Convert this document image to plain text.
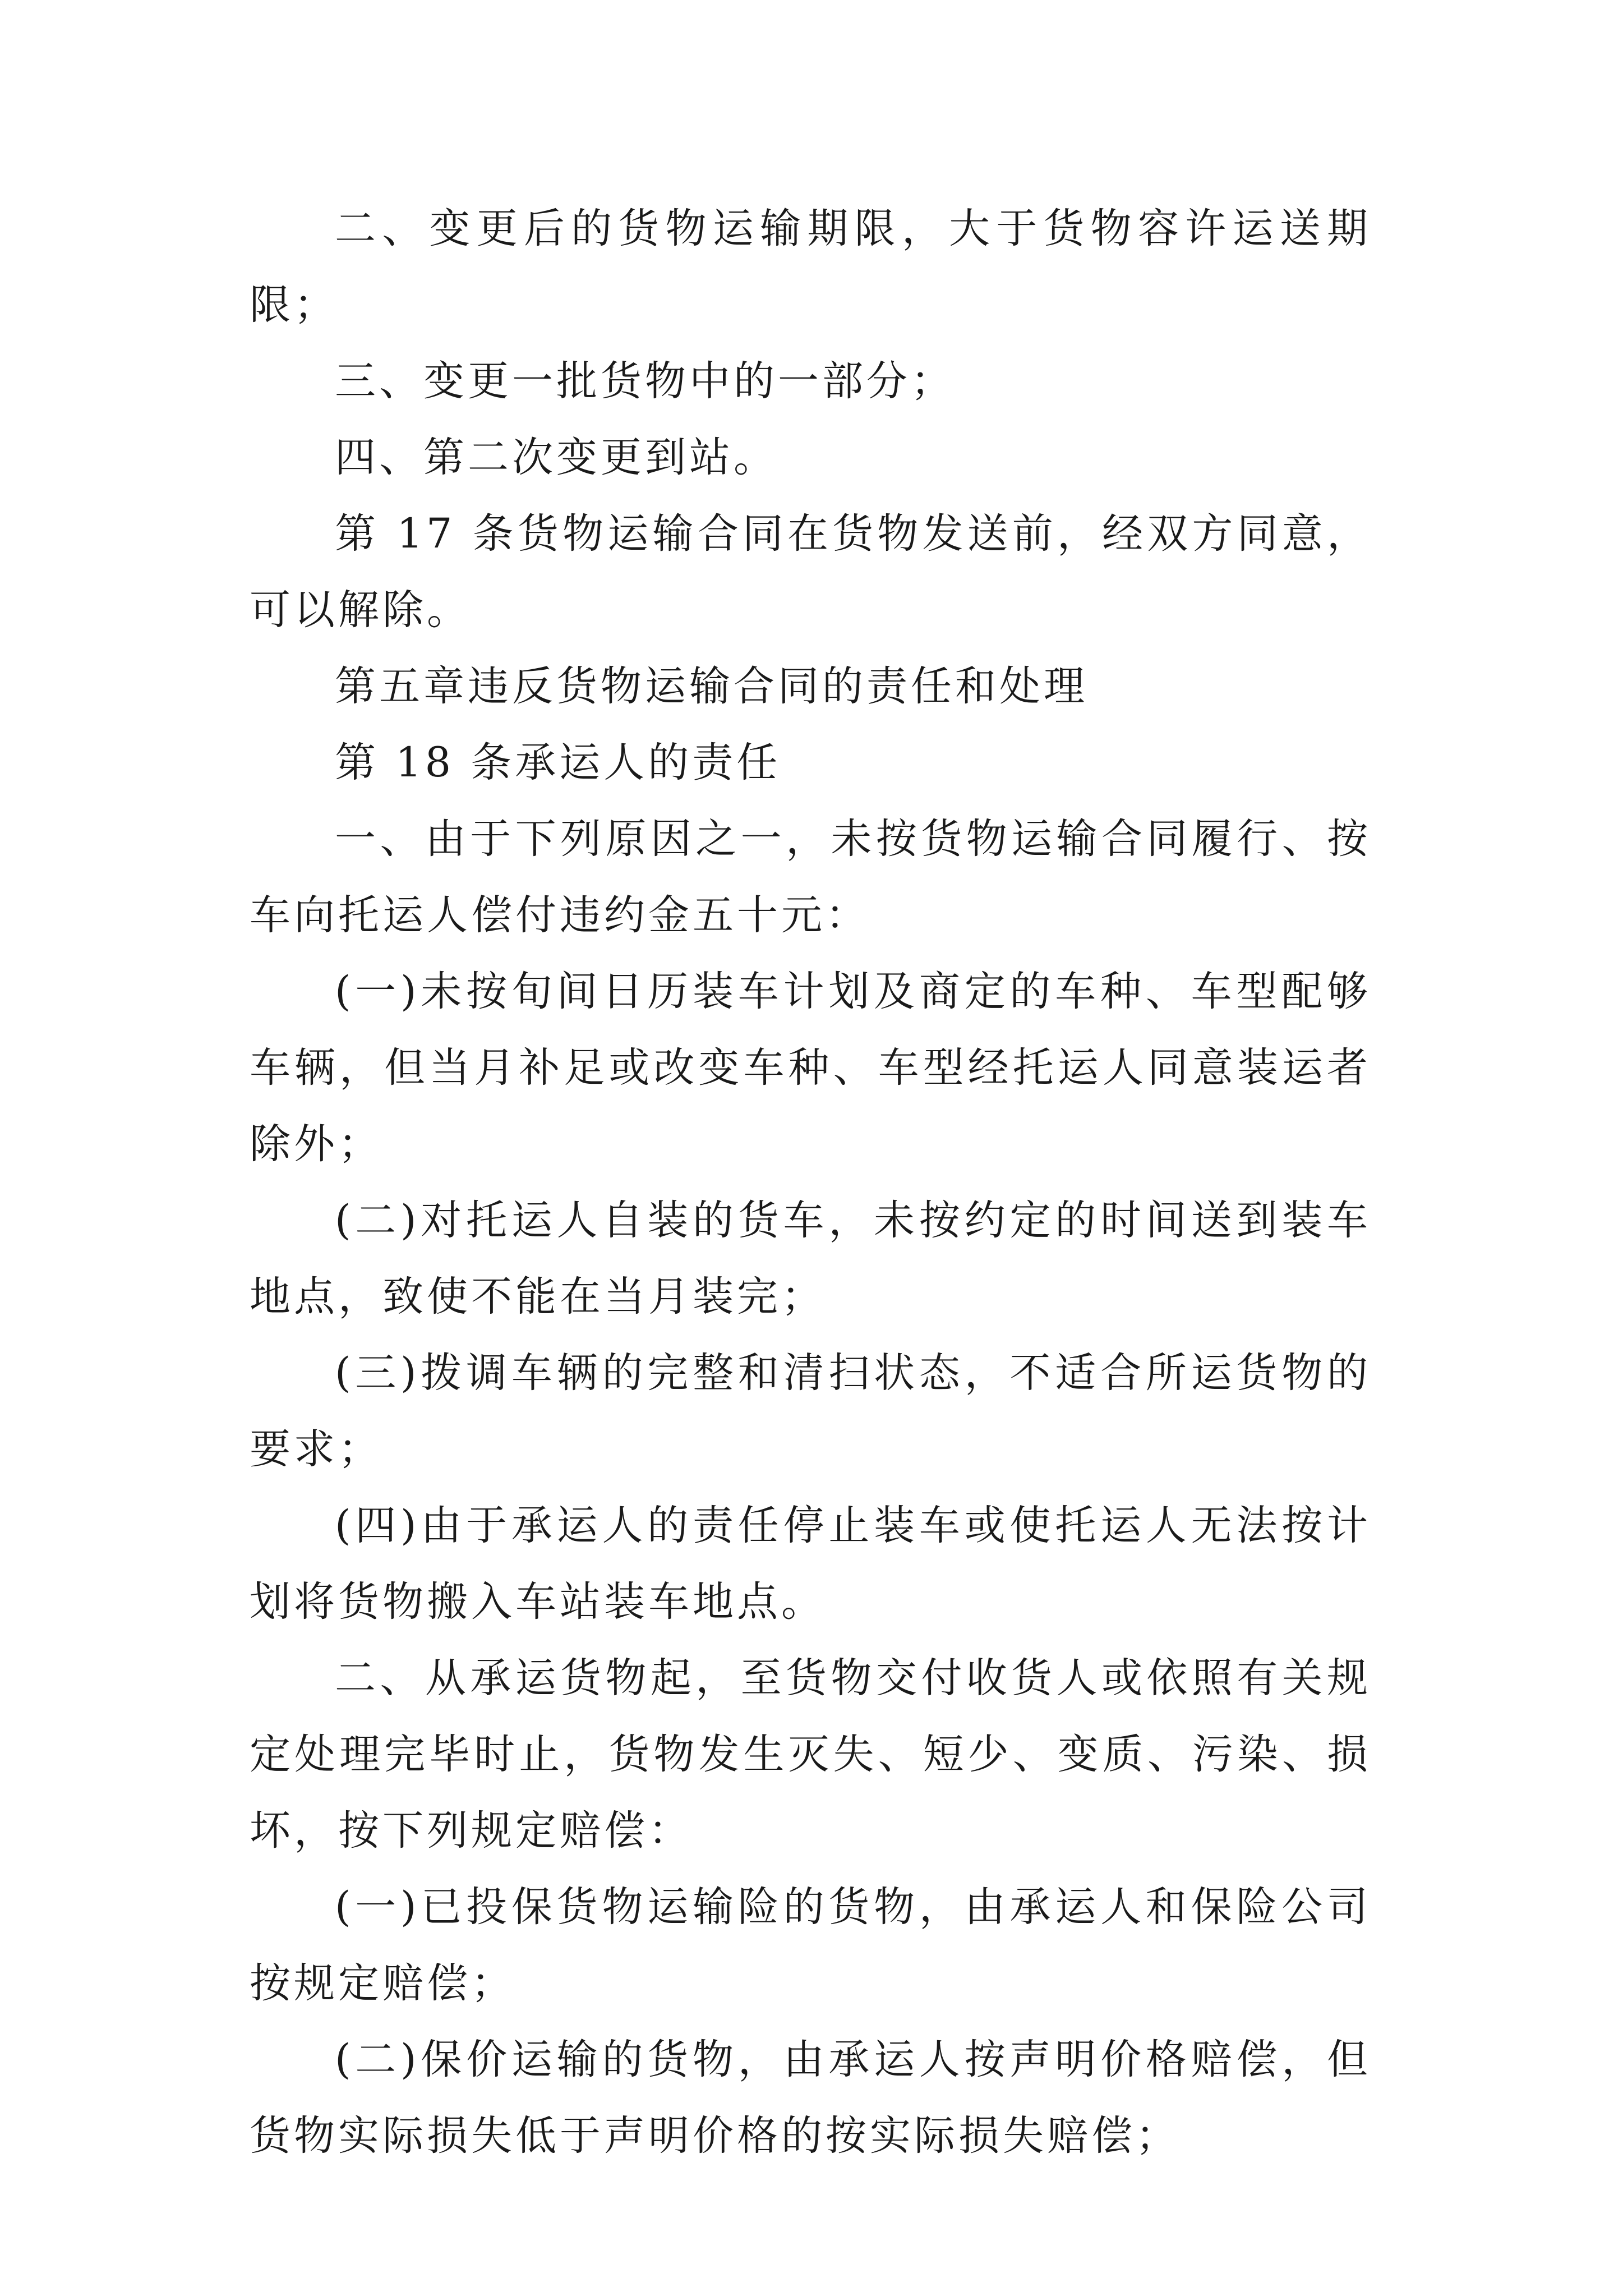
二、变更后的货物运输期限，大于货物容许运送期限；

三、变更一批货物中的一部分；

四、第二次变更到站。

第 17 条货物运输合同在货物发送前，经双方同意，可以解除。

第五章违反货物运输合同的责任和处理

第 18 条承运人的责任

一、由于下列原因之一，未按货物运输合同履行、按车向托运人偿付违约金五十元：

(一)未按旬间日历装车计划及商定的车种、车型配够车辆，但当月补足或改变车种、车型经托运人同意装运者除外；

(二)对托运人自装的货车，未按约定的时间送到装车地点，致使不能在当月装完；

(三)拨调车辆的完整和清扫状态，不适合所运货物的要求；

(四)由于承运人的责任停止装车或使托运人无法按计划将货物搬入车站装车地点。

二、从承运货物起，至货物交付收货人或依照有关规定处理完毕时止，货物发生灭失、短少、变质、污染、损坏，按下列规定赔偿：

(一)已投保货物运输险的货物，由承运人和保险公司按规定赔偿；

(二)保价运输的货物，由承运人按声明价格赔偿，但货物实际损失低于声明价格的按实际损失赔偿；
